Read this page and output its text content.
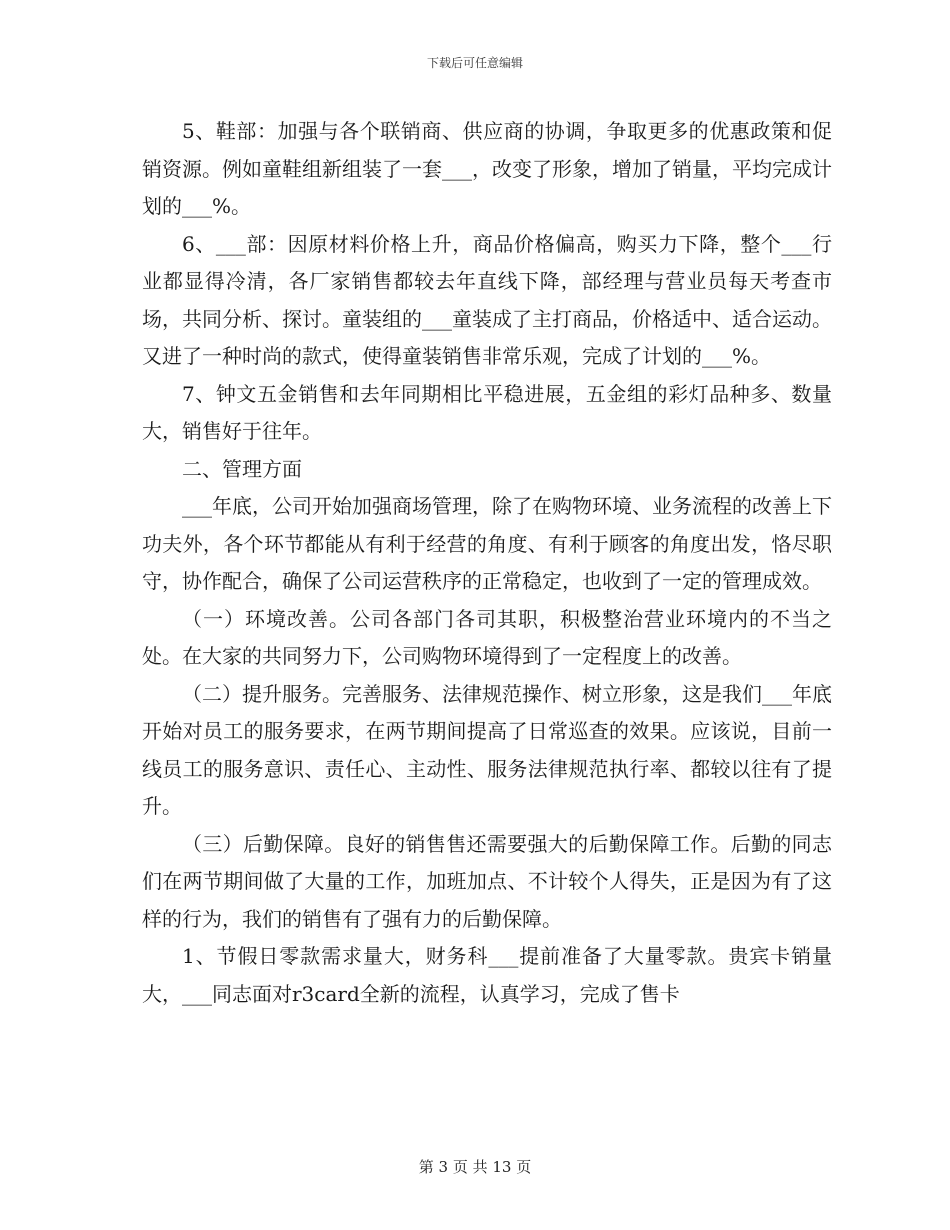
下载后可任意编辑

5、鞋部：加强与各个联销商、供应商的协调，争取更多的优惠政策和促销资源。例如童鞋组新组装了一套___，改变了形象，增加了销量，平均完成计划的___%。

6、___部：因原材料价格上升，商品价格偏高，购买力下降，整个___行业都显得冷清，各厂家销售都较去年直线下降，部经理与营业员每天考查市场，共同分析、探讨。童装组的___童装成了主打商品，价格适中、适合运动。又进了一种时尚的款式，使得童装销售非常乐观，完成了计划的___%。

7、钟文五金销售和去年同期相比平稳进展，五金组的彩灯品种多、数量大，销售好于往年。

二、管理方面

___年底，公司开始加强商场管理，除了在购物环境、业务流程的改善上下功夫外，各个环节都能从有利于经营的角度、有利于顾客的角度出发，恪尽职守，协作配合，确保了公司运营秩序的正常稳定，也收到了一定的管理成效。

（一）环境改善。公司各部门各司其职，积极整治营业环境内的不当之处。在大家的共同努力下，公司购物环境得到了一定程度上的改善。

（二）提升服务。完善服务、法律规范操作、树立形象，这是我们___年底开始对员工的服务要求，在两节期间提高了日常巡查的效果。应该说，目前一线员工的服务意识、责任心、主动性、服务法律规范执行率、都较以往有了提升。

（三）后勤保障。良好的销售售还需要强大的后勤保障工作。后勤的同志们在两节期间做了大量的工作，加班加点、不计较个人得失，正是因为有了这样的行为，我们的销售有了强有力的后勤保障。

1、节假日零款需求量大，财务科___提前准备了大量零款。贵宾卡销量大，___同志面对r3card全新的流程，认真学习，完成了售卡

第 3 页 共 13 页
